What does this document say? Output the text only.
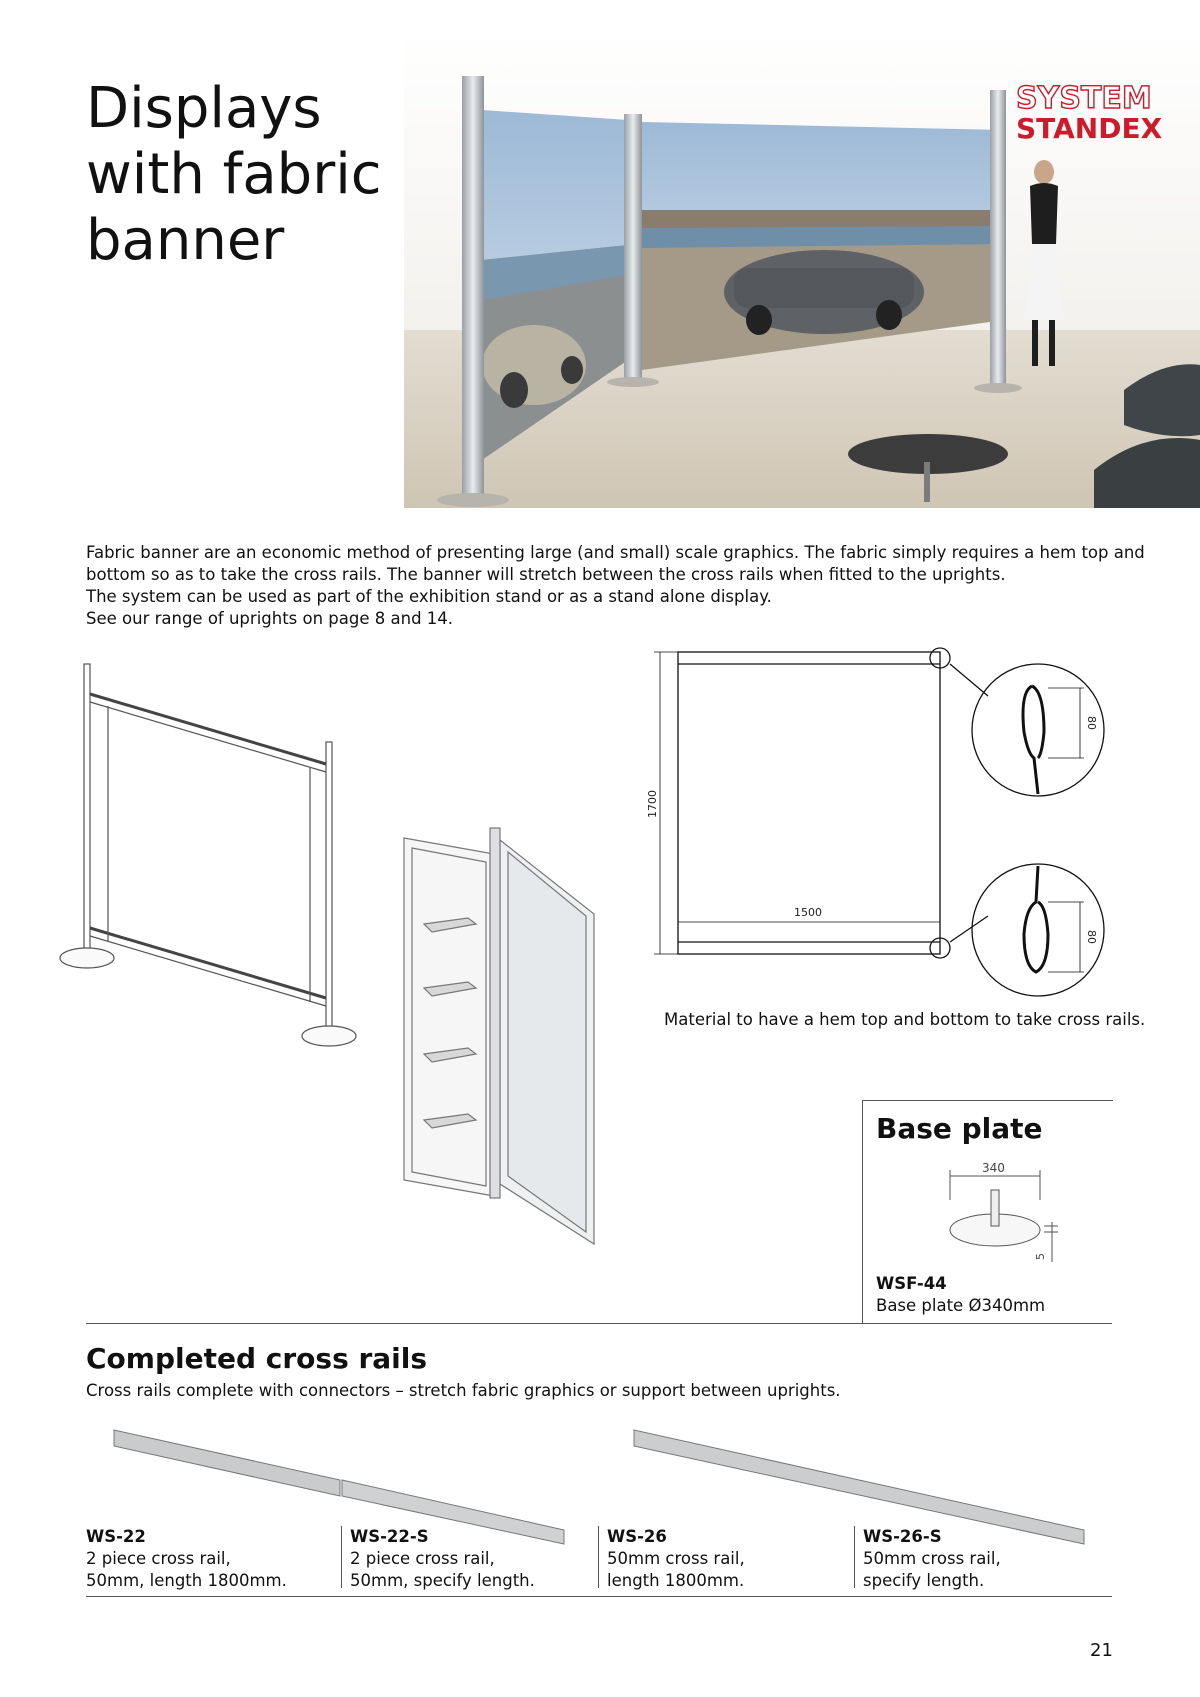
Displays
with fabric
banner
SYSTEM
STANDEX
Fabric banner are an economic method of presenting large (and small) scale graphics. The fabric simply requires a hem top and
bottom so as to take the cross rails. The banner will stretch between the cross rails when fitted to the uprights.
The system can be used as part of the exhibition stand or as a stand alone display.
See our range of uprights on page 8 and 14.
1700
1500
80
80
Material to have a hem top and bottom to take cross rails.
Base plate
340
5
WSF-44
Base plate Ø340mm
Completed cross rails
Cross rails complete with connectors – stretch fabric graphics or support between uprights.
WS-22
2 piece cross rail,
50mm, length 1800mm.
WS-22-S
2 piece cross rail,
50mm, specify length.
WS-26
50mm cross rail,
length 1800mm.
WS-26-S
50mm cross rail,
specify length.
21
